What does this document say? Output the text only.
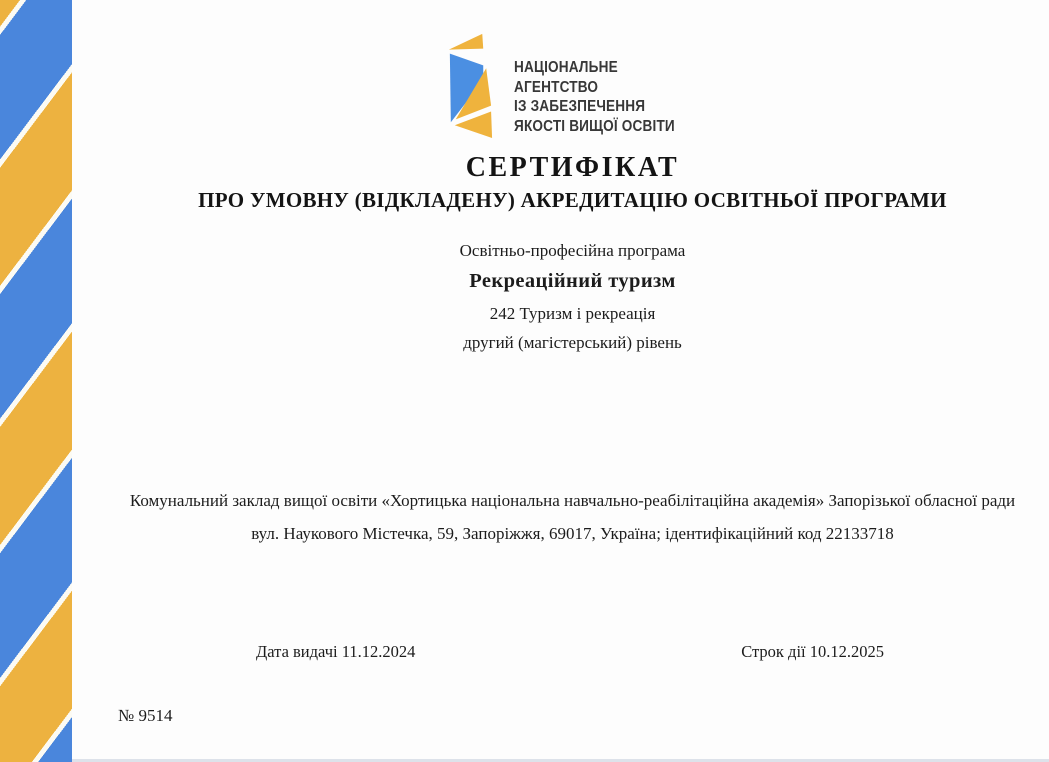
НАЦІОНАЛЬНЕ
АГЕНТСТВО
ІЗ ЗАБЕЗПЕЧЕННЯ
ЯКОСТІ ВИЩОЇ ОСВІТИ
СЕРТИФІКАТ
ПРО УМОВНУ (ВІДКЛАДЕНУ) АКРЕДИТАЦІЮ ОСВІТНЬОЇ ПРОГРАМИ
Освітньо-професійна програма
Рекреаційний туризм
242 Туризм і рекреація
другий (магістерський) рівень
Комунальний заклад вищої освіти «Хортицька національна навчально-реабілітаційна академія» Запорізької обласної ради
вул. Наукового Містечка, 59, Запоріжжя, 69017, Україна; ідентифікаційний код 22133718
Дата видачі 11.12.2024	Строк дії 10.12.2025
№ 9514
